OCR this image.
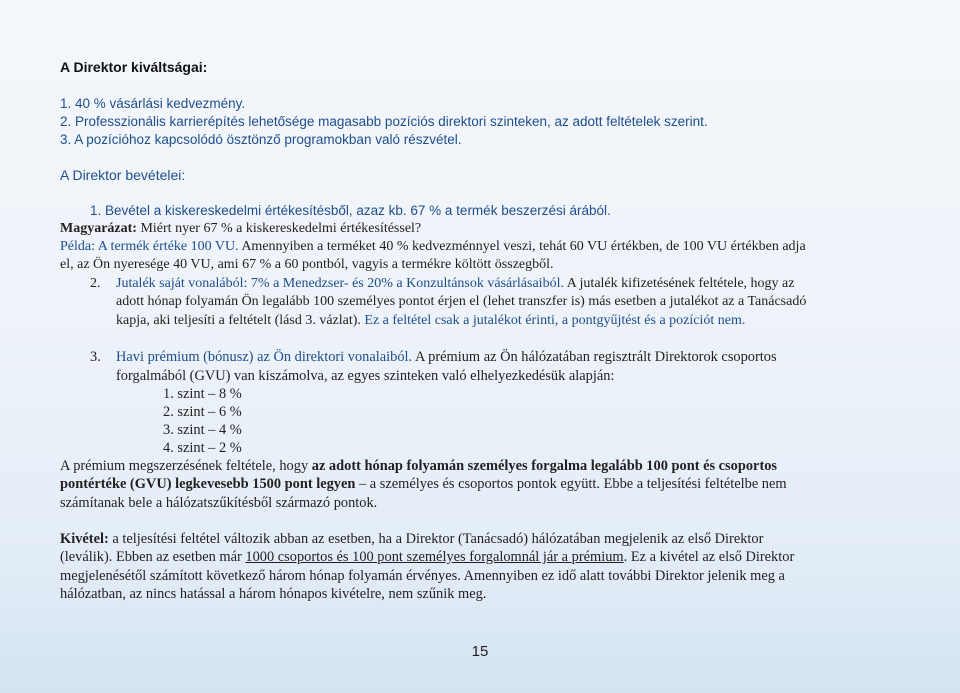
A Direktor kiváltságai:
1. 40 % vásárlási kedvezmény.
2. Professzionális karrierépítés lehetősége magasabb pozíciós direktori szinteken, az adott feltételek szerint.
3. A pozícióhoz kapcsolódó ösztönző programokban való részvétel.
A Direktor bevételei:
1. Bevétel a kiskereskedelmi értékesítésből, azaz kb. 67 % a termék beszerzési árából.
Magyarázat: Miért nyer 67 % a kiskereskedelmi értékesítéssel?
Példa: A termék értéke 100 VU. Amennyiben a terméket 40 % kedvezménnyel veszi, tehát 60 VU értékben, de 100 VU értékben adja
el, az Ön nyeresége 40 VU, ami 67 % a 60 pontból, vagyis a termékre költött összegből.
2. Jutalék saját vonalából: 7% a Menedzser- és 20% a Konzultánsok vásárlásaiból. A jutalék kifizetésének feltétele, hogy az
adott hónap folyamán Ön legalább 100 személyes pontot érjen el (lehet transzfer is) más esetben a jutalékot az a Tanácsadó
kapja, aki teljesíti a feltételt (lásd 3. vázlat). Ez a feltétel csak a jutalékot érinti, a pontgyűjtést és a pozíciót nem.
3. Havi prémium (bónusz) az Ön direktori vonalaiból. A prémium az Ön hálózatában regisztrált Direktorok csoportos
forgalmából (GVU) van kiszámolva, az egyes szinteken való elhelyezkedésük alapján:
1. szint – 8 %
2. szint – 6 %
3. szint – 4 %
4. szint – 2 %
A prémium megszerzésének feltétele, hogy az adott hónap folyamán személyes forgalma legalább 100 pont és csoportos
pontértéke (GVU) legkevesebb 1500 pont legyen – a személyes és csoportos pontok együtt. Ebbe a teljesítési feltételbe nem
számítanak bele a hálózatszűkítésből származó pontok.
Kivétel: a teljesítési feltétel változik abban az esetben, ha a Direktor (Tanácsadó) hálózatában megjelenik az első Direktor
(leválik). Ebben az esetben már 1000 csoportos és 100 pont személyes forgalomnál jár a prémium. Ez a kivétel az első Direktor
megjelenésétől számított következő három hónap folyamán érvényes. Amennyiben ez idő alatt további Direktor jelenik meg a
hálózatban, az nincs hatással a három hónapos kivételre, nem szűnik meg.
15
